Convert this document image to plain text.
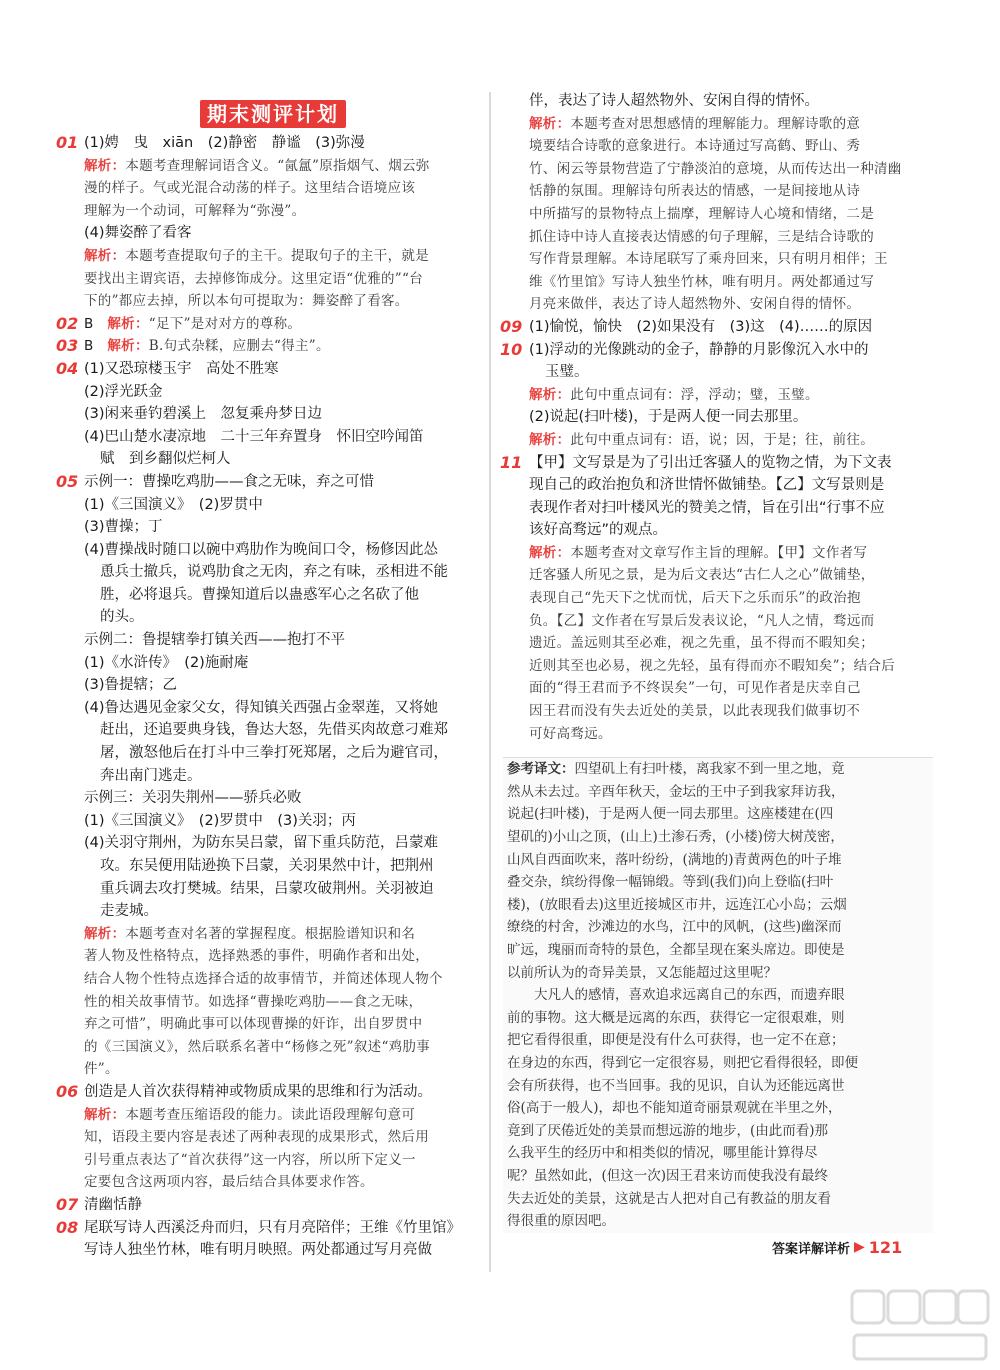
期末测评计划
01 (1)娉　曳　xiān　(2)静密　静谧　(3)弥漫
解析：本题考查理解词语含义。“氤氲”原指烟气、烟云弥
漫的样子。气或光混合动荡的样子。这里结合语境应该
理解为一个动词，可解释为“弥漫”。
(4)舞姿醉了看客
解析：本题考查提取句子的主干。提取句子的主干，就是
要找出主谓宾语，去掉修饰成分。这里定语“优雅的”“台
下的”都应去掉，所以本句可提取为：舞姿醉了看客。
02 B　解析：“足下”是对对方的尊称。
03 B　解析：B.句式杂糅，应删去“得主”。
04 (1)又恐琼楼玉宇　高处不胜寒
(2)浮光跃金
(3)闲来垂钓碧溪上　忽复乘舟梦日边
(4)巴山楚水凄凉地　二十三年弃置身　怀旧空吟闻笛
赋　到乡翻似烂柯人
05 示例一：曹操吃鸡肋——食之无味，弃之可惜
(1)《三国演义》　(2)罗贯中
(3)曹操；丁
(4)曹操战时随口以碗中鸡肋作为晚间口令，杨修因此怂
恿兵士撤兵，说鸡肋食之无肉，弃之有味，丞相进不能
胜，必将退兵。曹操知道后以蛊惑军心之名砍了他
的头。
示例二：鲁提辖拳打镇关西——抱打不平
(1)《水浒传》　(2)施耐庵
(3)鲁提辖；乙
(4)鲁达遇见金家父女，得知镇关西强占金翠莲，又将她
赶出，还追要典身钱，鲁达大怒，先借买肉故意刁难郑
屠，激怒他后在打斗中三拳打死郑屠，之后为避官司，
奔出南门逃走。
示例三：关羽失荆州——骄兵必败
(1)《三国演义》　(2)罗贯中　(3)关羽；丙
(4)关羽守荆州，为防东吴吕蒙，留下重兵防范，吕蒙难
攻。东吴便用陆逊换下吕蒙，关羽果然中计，把荆州
重兵调去攻打樊城。结果，吕蒙攻破荆州。关羽被迫
走麦城。
解析：本题考查对名著的掌握程度。根据脸谱知识和名
著人物及性格特点，选择熟悉的事件，明确作者和出处，
结合人物个性特点选择合适的故事情节，并简述体现人物个
性的相关故事情节。如选择“曹操吃鸡肋——食之无味，
弃之可惜”，明确此事可以体现曹操的奸诈，出自罗贯中
的《三国演义》，然后联系名著中“杨修之死”叙述“鸡肋事
件”。
06 创造是人首次获得精神或物质成果的思维和行为活动。
解析：本题考查压缩语段的能力。读此语段理解句意可
知，语段主要内容是表述了两种表现的成果形式，然后用
引号重点表达了“首次获得”这一内容，所以所下定义一
定要包含这两项内容，最后结合具体要求作答。
07 清幽恬静
08 尾联写诗人西溪泛舟而归，只有月亮陪伴；王维《竹里馆》
写诗人独坐竹林，唯有明月映照。两处都通过写月亮做
伴，表达了诗人超然物外、安闲自得的情怀。
解析：本题考查对思想感情的理解能力。理解诗歌的意
境要结合诗歌的意象进行。本诗通过写高鹤、野山、秀
竹、闲云等景物营造了宁静淡泊的意境，从而传达出一种清幽
恬静的氛围。理解诗句所表达的情感，一是间接地从诗
中所描写的景物特点上揣摩，理解诗人心境和情绪，二是
抓住诗中诗人直接表达情感的句子理解，三是结合诗歌的
写作背景理解。本诗尾联写了乘舟回来，只有明月相伴；王
维《竹里馆》写诗人独坐竹林，唯有明月。两处都通过写
月亮来做伴，表达了诗人超然物外、安闲自得的情怀。
09 (1)愉悦，愉快　(2)如果没有　(3)这　(4)……的原因
10 (1)浮动的光像跳动的金子，静静的月影像沉入水中的
玉璧。
解析：此句中重点词有：浮，浮动；璧，玉璧。
(2)说起(扫叶楼)，于是两人便一同去那里。
解析：此句中重点词有：语，说；因，于是；往，前往。
11 【甲】文写景是为了引出迁客骚人的览物之情，为下文表
现自己的政治抱负和济世情怀做铺垫。【乙】文写景则是
表现作者对扫叶楼风光的赞美之情，旨在引出“行事不应
该好高骛远”的观点。
解析：本题考查对文章写作主旨的理解。【甲】文作者写
迁客骚人所见之景，是为后文表达“古仁人之心”做铺垫，
表现自己“先天下之忧而忧，后天下之乐而乐”的政治抱
负。【乙】文作者在写景后发表议论，“凡人之情，骛远而
遗近。盖远则其至必难，视之先重，虽不得而不暇知矣；
近则其至也必易，视之先轻，虽有得而亦不暇知矣”；结合后
面的“得王君而予不终误矣”一句，可见作者是庆幸自己
因王君而没有失去近处的美景，以此表现我们做事切不
可好高骛远。
参考译文：四望矶上有扫叶楼，离我家不到一里之地，竟
然从未去过。辛酉年秋天，金坛的王中子到我家拜访我，
说起(扫叶楼)，于是两人便一同去那里。这座楼建在(四
望矶的)小山之顶，(山上)土渗石秀，(小楼)傍大树茂密，
山风自西面吹来，落叶纷纷，(满地的)青黄两色的叶子堆
叠交杂，缤纷得像一幅锦缎。等到(我们)向上登临(扫叶
楼)，(放眼看去)这里近接城区市井，远连江心小岛；云烟
缭绕的村舍，沙滩边的水鸟，江中的风帆，(这些)幽深而
旷远，瑰丽而奇特的景色，全都呈现在案头席边。即使是
以前所认为的奇异美景，又怎能超过这里呢？
　　大凡人的感情，喜欢追求远离自己的东西，而遗弃眼
前的事物。这大概是远离的东西，获得它一定很艰难，则
把它看得很重，即便是没有什么可获得，也一定不在意；
在身边的东西，得到它一定很容易，则把它看得很轻，即便
会有所获得，也不当回事。我的见识，自认为还能远离世
俗(高于一般人)，却也不能知道奇丽景观就在半里之外，
竟到了厌倦近处的美景而想远游的地步，(由此而看)那
么我平生的经历中和相类似的情况，哪里能计算得尽
呢？虽然如此，(但这一次)因王君来访而使我没有最终
失去近处的美景，这就是古人把对自己有教益的朋友看
得很重的原因吧。
答案详解详析 ▶ 121
